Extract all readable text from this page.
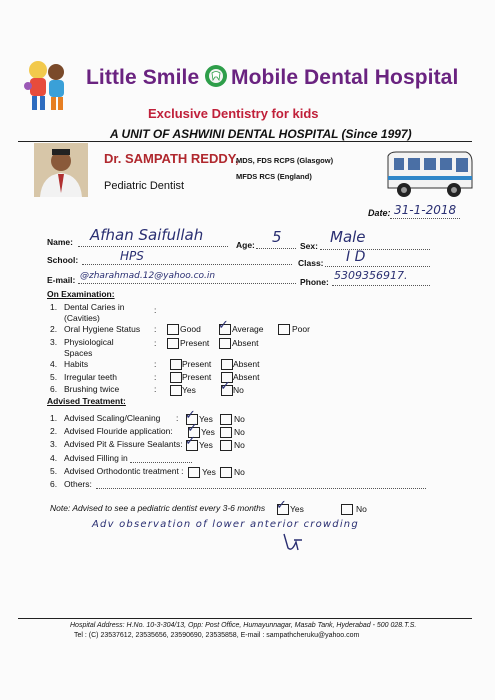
Little Smile Mobile Dental Hospital
Exclusive Dentistry for kids
A UNIT OF ASHWINI DENTAL HOSPITAL (Since 1997)
Dr. SAMPATH REDDY,
MDS, FDS RCPS (Glasgow)
MFDS RCS (England)
Pediatric Dentist
Date: 31-1-2018
Name: Afhan Saifullah
Age: 5 Sex: Male
School:	HPS	Class: I D
E-mail: @zharahmad.12@yahoo.co.in
Phone: 5309356917.
On Examination:
1. Dental Caries in
(Cavities)
:
2. Oral Hygiene Status :	Good ✓ Average	Poor
3. Physiological
Spaces
:	Present	Absent
4. Habits	:	Present	Absent
5. Irregular teeth	:	Present	Absent
6. Brushing twice	:	Yes ✓ No
Advised Treatment:
1. Advised Scaling/Cleaning : ✓ Yes No
2. Advised Flouride application: ✓ Yes No
3. Advised Pit & Fissure Sealants: ✓ Yes No
4. Advised Filling in
5. Advised Orthodontic treatment : Yes No
6. Others:
Note: Advised to see a pediatric dentist every 3-6 months ✓ Yes	No
Adv observation of lower anterior crowding
Hospital Address: H.No. 10-3-304/13, Opp: Post Office, Humayunnagar, Masab Tank, Hyderabad - 500 028.T.S.
Tel : (C) 23537612, 23535656, 23590690, 23535858, E-mail : sampathcheruku@yahoo.com
